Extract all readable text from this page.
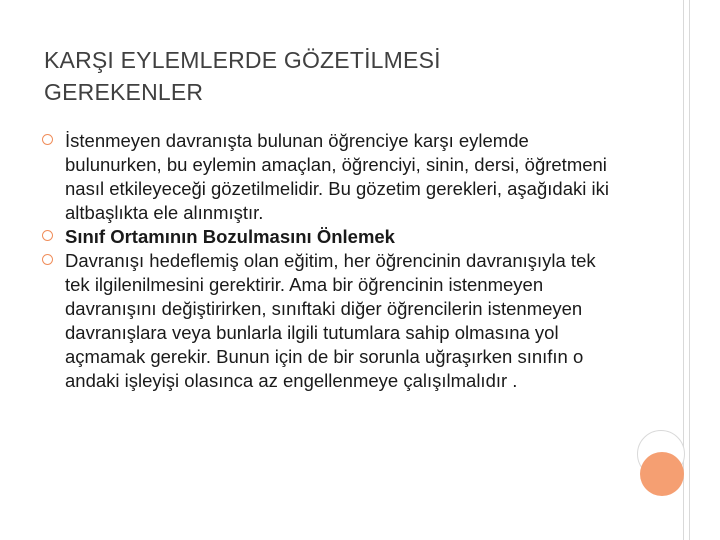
KARŞI EYLEMLERDE GÖZETİLMESİ GEREKENLER
İstenmeyen davranışta bulunan öğrenciye karşı eylemde bulunurken, bu eylemin amaçlan, öğrenciyi, sinin, dersi, öğretmeni nasıl etkileyeceği gözetilmelidir. Bu gözetim gerekleri, aşağıdaki iki altbaşlıkta ele alınmıştır.
Sınıf Ortamının Bozulmasını Önlemek
Davranışı hedeflemiş olan eğitim, her öğrencinin davranışıyla tek tek ilgilenilmesini gerektirir. Ama bir öğrencinin istenmeyen davranışını değiştirirken, sınıftaki diğer öğrencilerin istenmeyen davranışlara veya bunlarla ilgili tutumlara sahip olmasına yol açmamak gerekir. Bunun için de bir sorunla uğraşırken sınıfın o andaki işleyişi olasınca az engellenmeye çalışılmalıdır .
